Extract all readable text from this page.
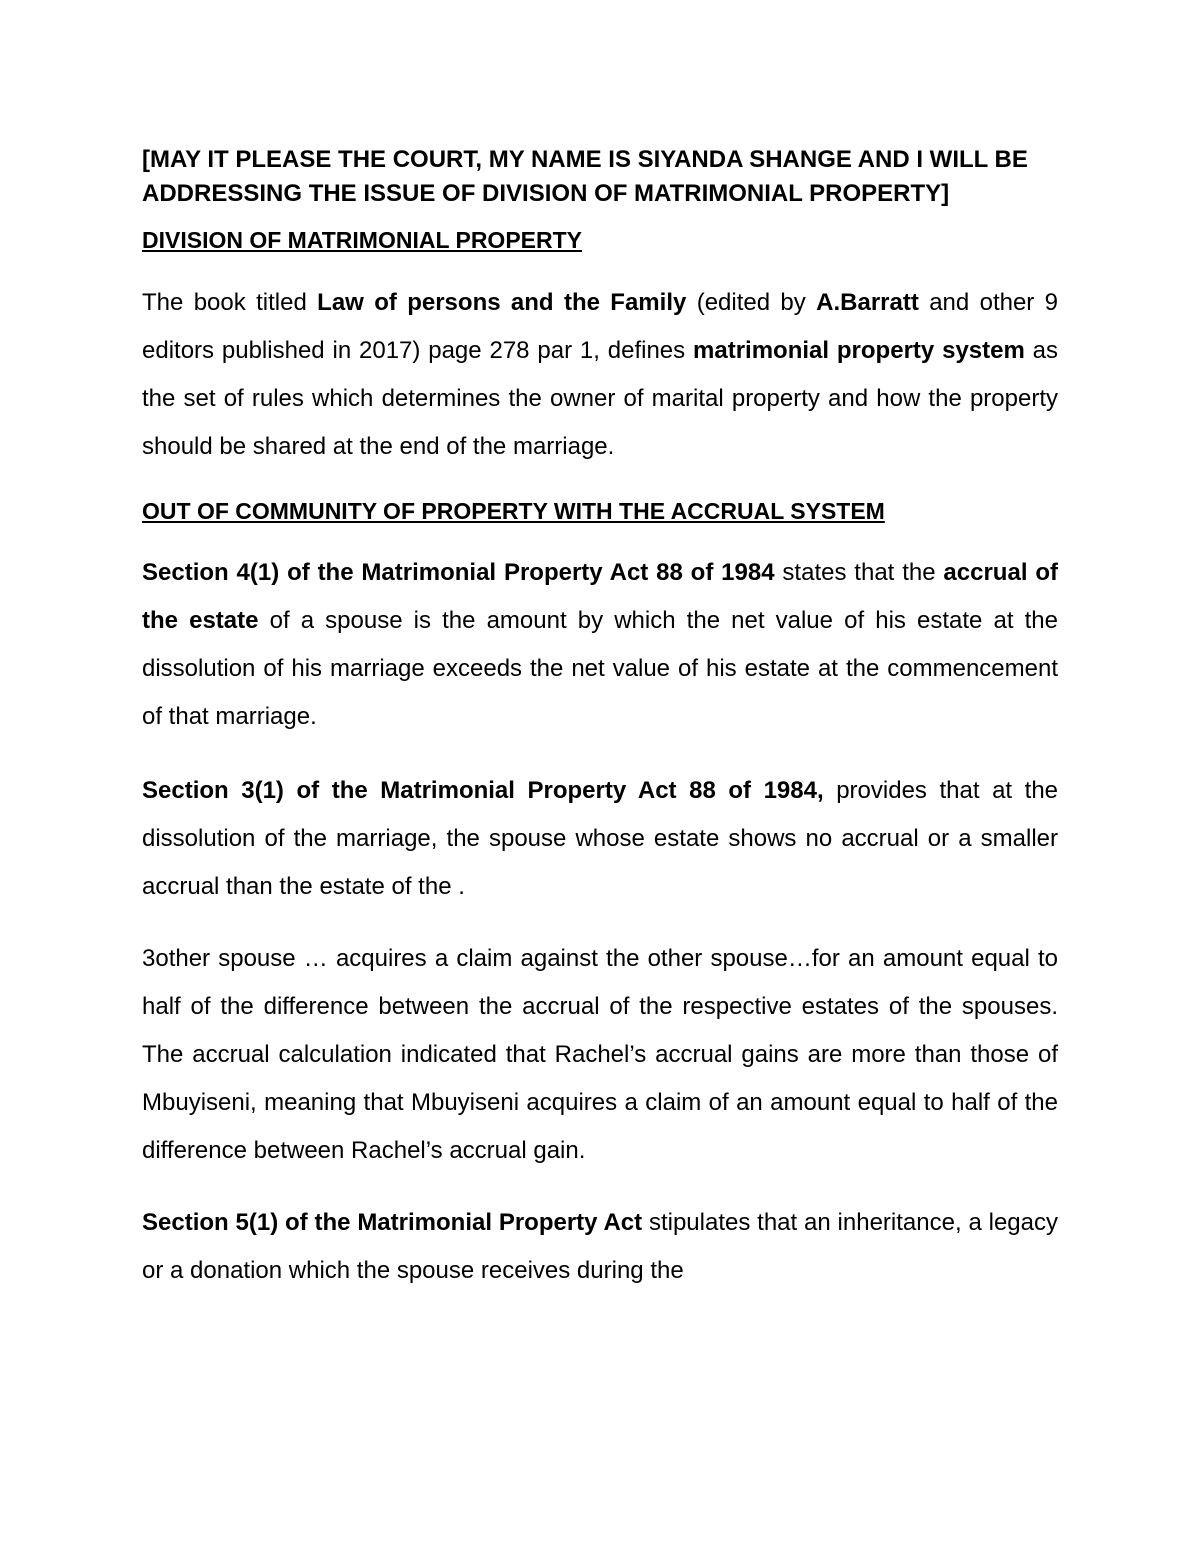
[MAY IT PLEASE THE COURT, MY NAME IS SIYANDA SHANGE AND I WILL BE ADDRESSING THE ISSUE OF DIVISION OF MATRIMONIAL PROPERTY]

DIVISION OF MATRIMONIAL PROPERTY

The book titled Law of persons and the Family (edited by A.Barratt and other 9 editors published in 2017) page 278 par 1, defines matrimonial property system as the set of rules which determines the owner of marital property and how the property should be shared at the end of the marriage.

OUT OF COMMUNITY OF PROPERTY WITH THE ACCRUAL SYSTEM

Section 4(1) of the Matrimonial Property Act 88 of 1984 states that the accrual of the estate of a spouse is the amount by which the net value of his estate at the dissolution of his marriage exceeds the net value of his estate at the commencement of that marriage.

Section 3(1) of the Matrimonial Property Act 88 of 1984, provides that at the dissolution of the marriage, the spouse whose estate shows no accrual or a smaller accrual than the estate of the .

3other spouse … acquires a claim against the other spouse…for an amount equal to half of the difference between the accrual of the respective estates of the spouses. The accrual calculation indicated that Rachel’s accrual gains are more than those of Mbuyiseni, meaning that Mbuyiseni acquires a claim of an amount equal to half of the difference between Rachel’s accrual gain.

Section 5(1) of the Matrimonial Property Act stipulates that an inheritance, a legacy or a donation which the spouse receives during the
